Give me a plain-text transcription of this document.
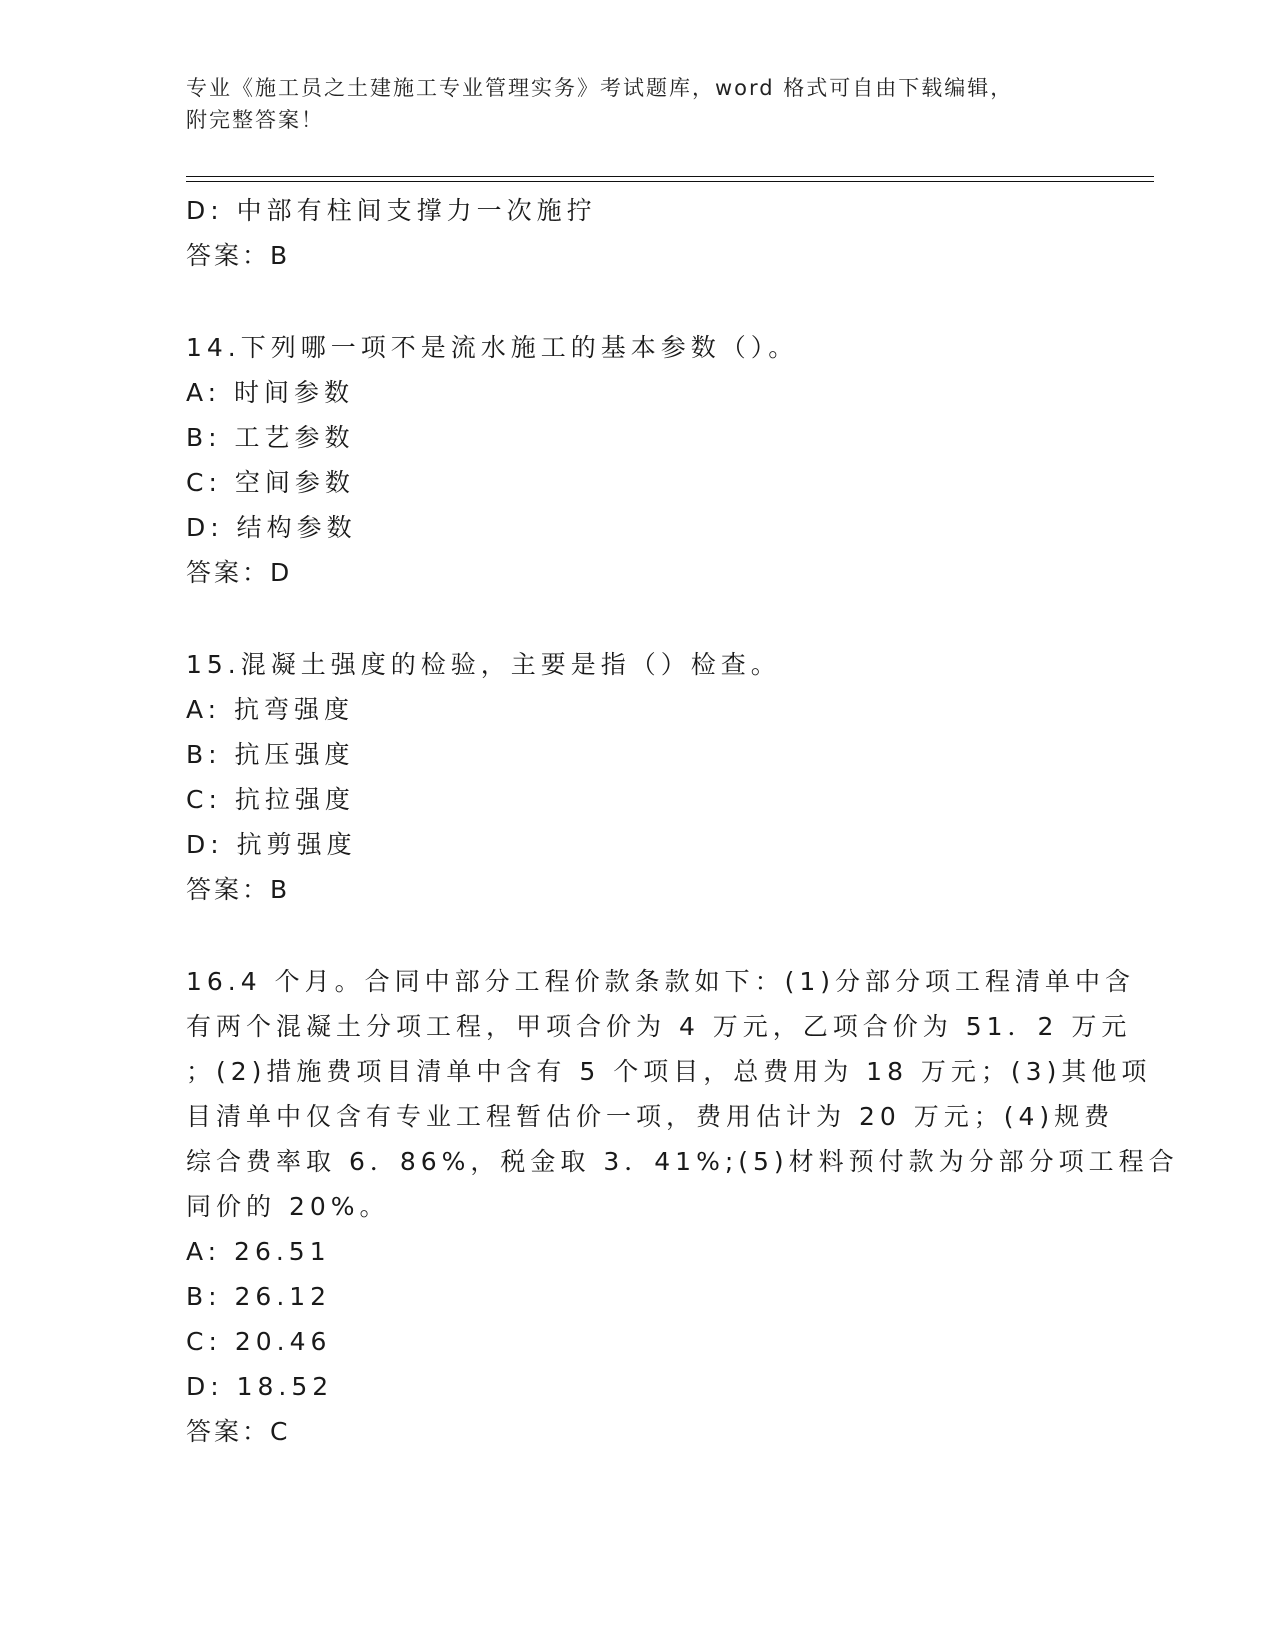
专业《施工员之土建施工专业管理实务》考试题库，word 格式可自由下载编辑，
附完整答案！
D: 中部有柱间支撑力一次施拧
答案：B
14.下列哪一项不是流水施工的基本参数（）。
A: 时间参数
B: 工艺参数
C: 空间参数
D: 结构参数
答案：D
15.混凝土强度的检验，主要是指（）检查。
A: 抗弯强度
B: 抗压强度
C: 抗拉强度
D: 抗剪强度
答案：B
16.4 个月。合同中部分工程价款条款如下：(1)分部分项工程清单中含
有两个混凝土分项工程，甲项合价为 4 万元，乙项合价为 51．2 万元
；(2)措施费项目清单中含有 5 个项目，总费用为 18 万元；(3)其他项
目清单中仅含有专业工程暂估价一项，费用估计为 20 万元；(4)规费
综合费率取 6．86%，税金取 3．41%;(5)材料预付款为分部分项工程合
同价的 20%。
A: 26.51
B: 26.12
C: 20.46
D: 18.52
答案：C
